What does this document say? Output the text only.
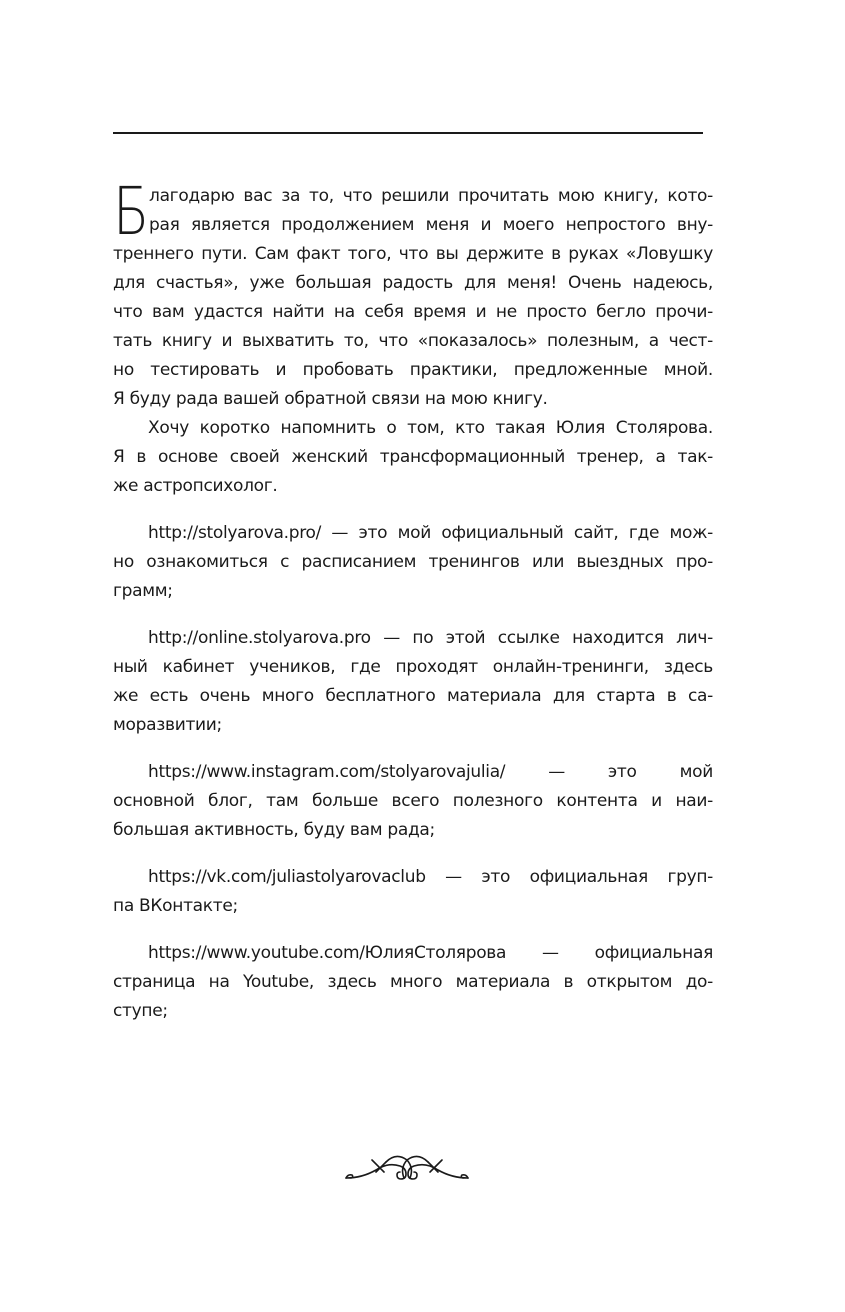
Б лагодарю вас за то, что решили прочитать мою книгу, кото-
рая является продолжением меня и моего непростого вну-
треннего пути. Сам факт того, что вы держите в руках «Ловушку
для счастья», уже большая радость для меня! Очень надеюсь,
что вам удастся найти на себя время и не просто бегло прочи-
тать книгу и выхватить то, что «показалось» полезным, а чест-
но тестировать и пробовать практики, предложенные мной.
Я буду рада вашей обратной связи на мою книгу.
Хочу коротко напомнить о том, кто такая Юлия Столярова.
Я в основе своей женский трансформационный тренер, а так-
же астропсихолог.
http://stolyarova.pro/ — это мой официальный сайт, где мож-
но ознакомиться с расписанием тренингов или выездных про-
грамм;
http://online.stolyarova.pro — по этой ссылке находится лич-
ный кабинет учеников, где проходят онлайн-тренинги, здесь
же есть очень много бесплатного материала для старта в са-
моразвитии;
https://www.instagram.com/stolyarovajulia/ — это мой
основной блог, там больше всего полезного контента и наи-
большая активность, буду вам рада;
https://vk.com/juliastolyarovaclub — это официальная груп-
па ВКонтакте;
https://www.youtube.com/ЮлияСтолярова — официальная
страница на Youtube, здесь много материала в открытом до-
ступе;
